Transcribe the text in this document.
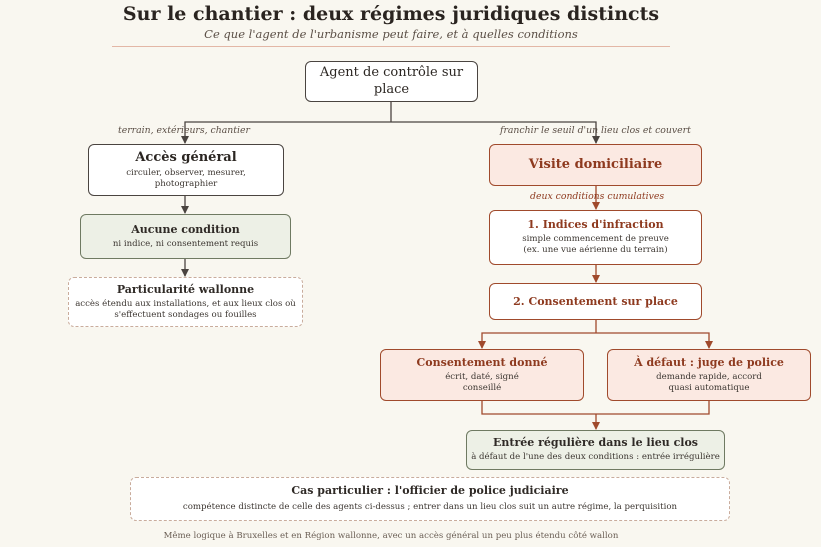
Sur le chantier : deux régimes juridiques distincts
Ce que l'agent de l'urbanisme peut faire, et à quelles conditions
terrain, extérieurs, chantier	franchir le seuil d'un lieu clos et couvert
deux conditions cumulatives
Agent de contrôle sur place
Accès général
circuler, observer, mesurer, photographier
Aucune condition
ni indice, ni consentement requis
Particularité wallonne
accès étendu aux installations, et aux lieux clos où s'effectuent sondages ou fouilles
Visite domiciliaire
1. Indices d'infraction
simple commencement de preuve (ex. une vue aérienne du terrain)
2. Consentement sur place
Consentement donné
écrit, daté, signé conseillé
À défaut : juge de police
demande rapide, accord quasi automatique
Entrée régulière dans le lieu clos
à défaut de l'une des deux conditions : entrée irrégulière
Cas particulier : l'officier de police judiciaire
compétence distincte de celle des agents ci-dessus ; entrer dans un lieu clos suit un autre régime, la perquisition
Même logique à Bruxelles et en Région wallonne, avec un accès général un peu plus étendu côté wallon
